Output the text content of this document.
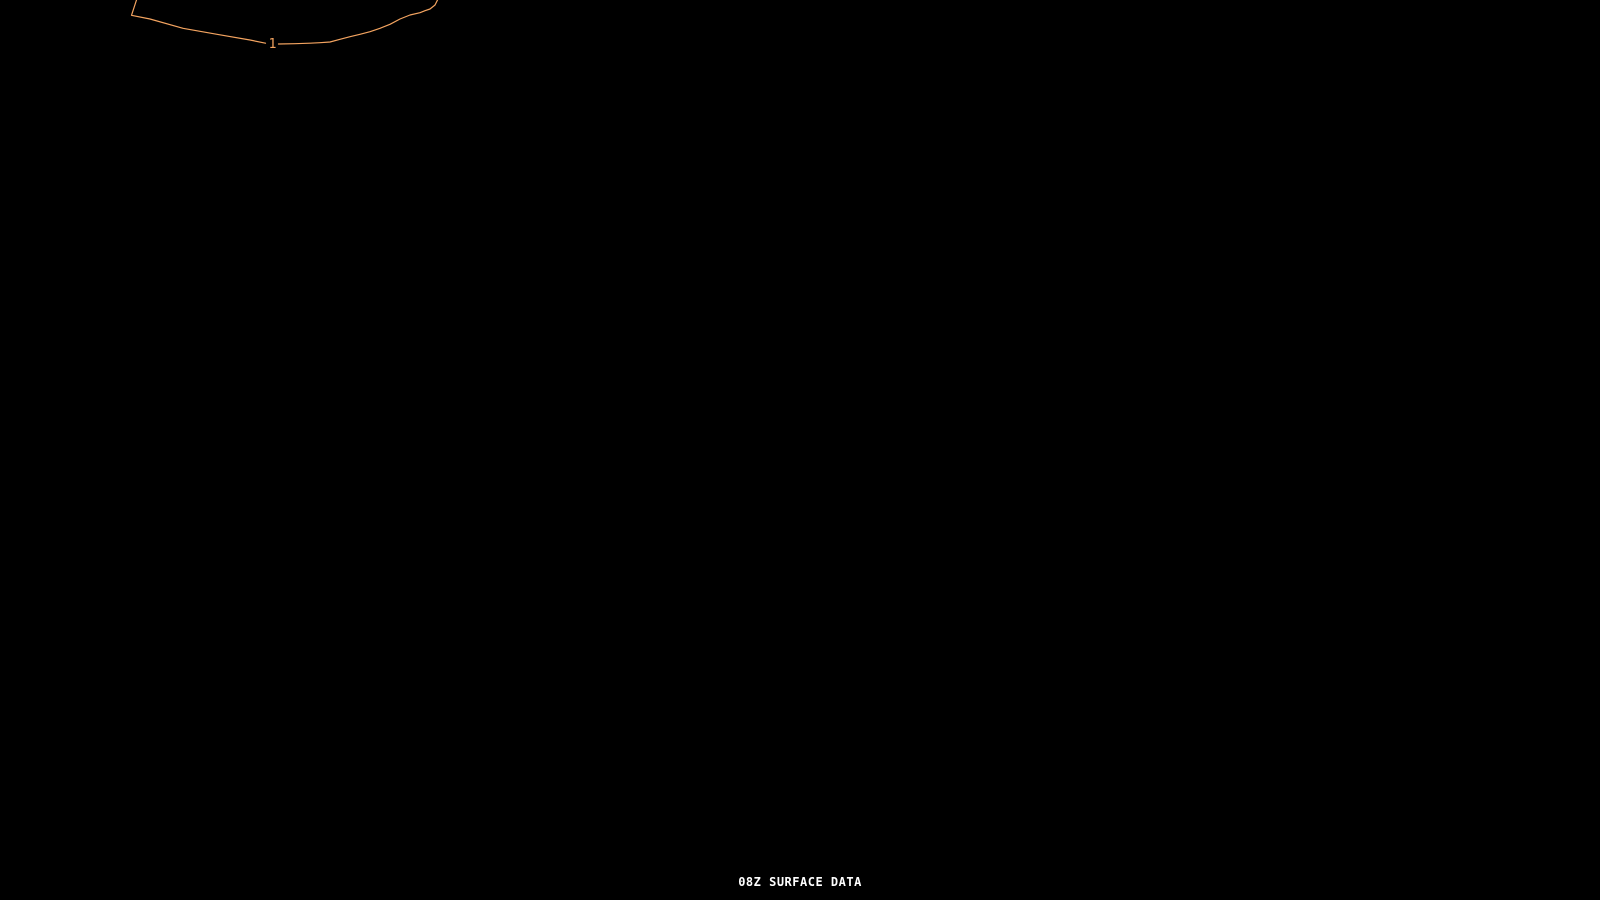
1
08Z SURFACE DATA
